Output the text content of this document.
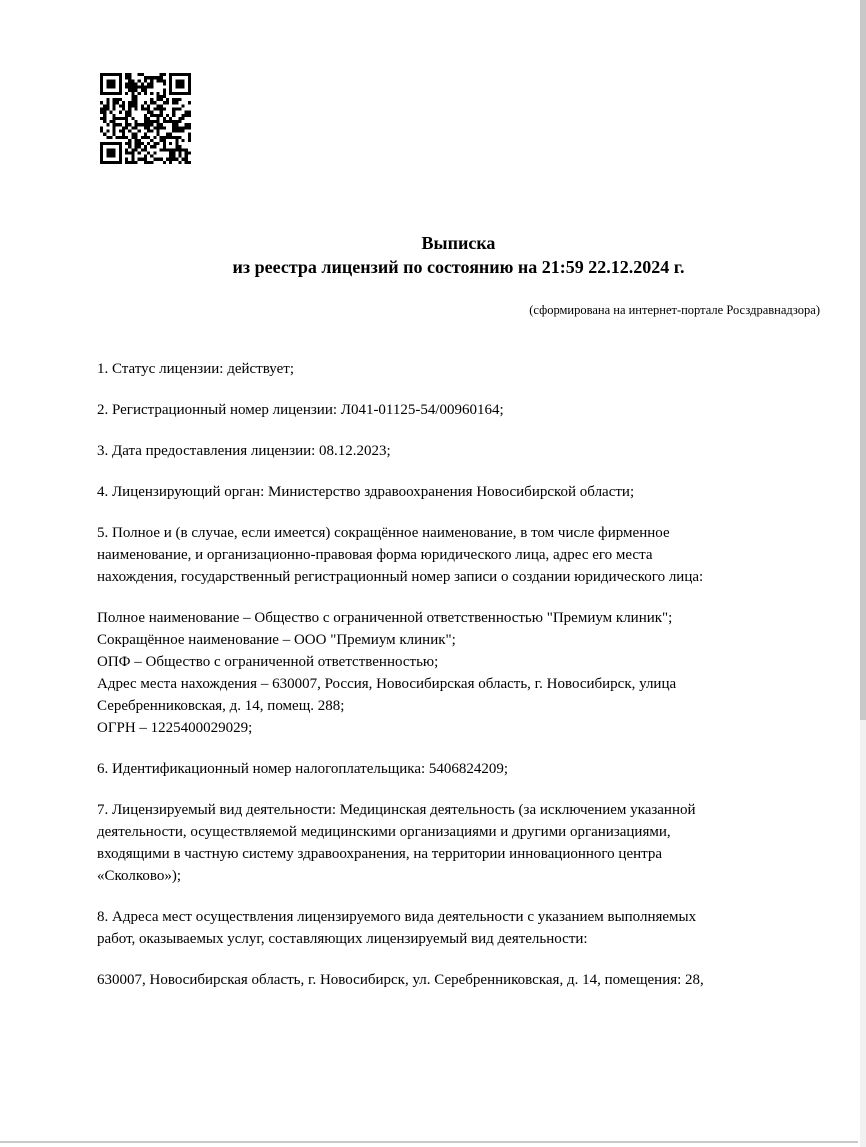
Выписка
из реестра лицензий по состоянию на 21:59 22.12.2024 г.
(сформирована на интернет-портале Росздравнадзора)
1. Статус лицензии: действует;
2. Регистрационный номер лицензии: Л041-01125-54/00960164;
3. Дата предоставления лицензии: 08.12.2023;
4. Лицензирующий орган: Министерство здравоохранения Новосибирской области;
5. Полное и (в случае, если имеется) сокращённое наименование, в том числе фирменное
наименование, и организационно-правовая форма юридического лица, адрес его места
нахождения, государственный регистрационный номер записи о создании юридического лица:
Полное наименование – Общество с ограниченной ответственностью "Премиум клиник";
Сокращённое наименование – ООО "Премиум клиник";
ОПФ – Общество с ограниченной ответственностью;
Адрес места нахождения – 630007, Россия, Новосибирская область, г. Новосибирск, улица
Серебренниковская, д. 14, помещ. 288;
ОГРН – 1225400029029;
6. Идентификационный номер налогоплательщика: 5406824209;
7. Лицензируемый вид деятельности: Медицинская деятельность (за исключением указанной
деятельности, осуществляемой медицинскими организациями и другими организациями,
входящими в частную систему здравоохранения, на территории инновационного центра
«Сколково»);
8. Адреса мест осуществления лицензируемого вида деятельности с указанием выполняемых
работ, оказываемых услуг, составляющих лицензируемый вид деятельности:
630007, Новосибирская область, г. Новосибирск, ул. Серебренниковская, д. 14, помещения: 28,
